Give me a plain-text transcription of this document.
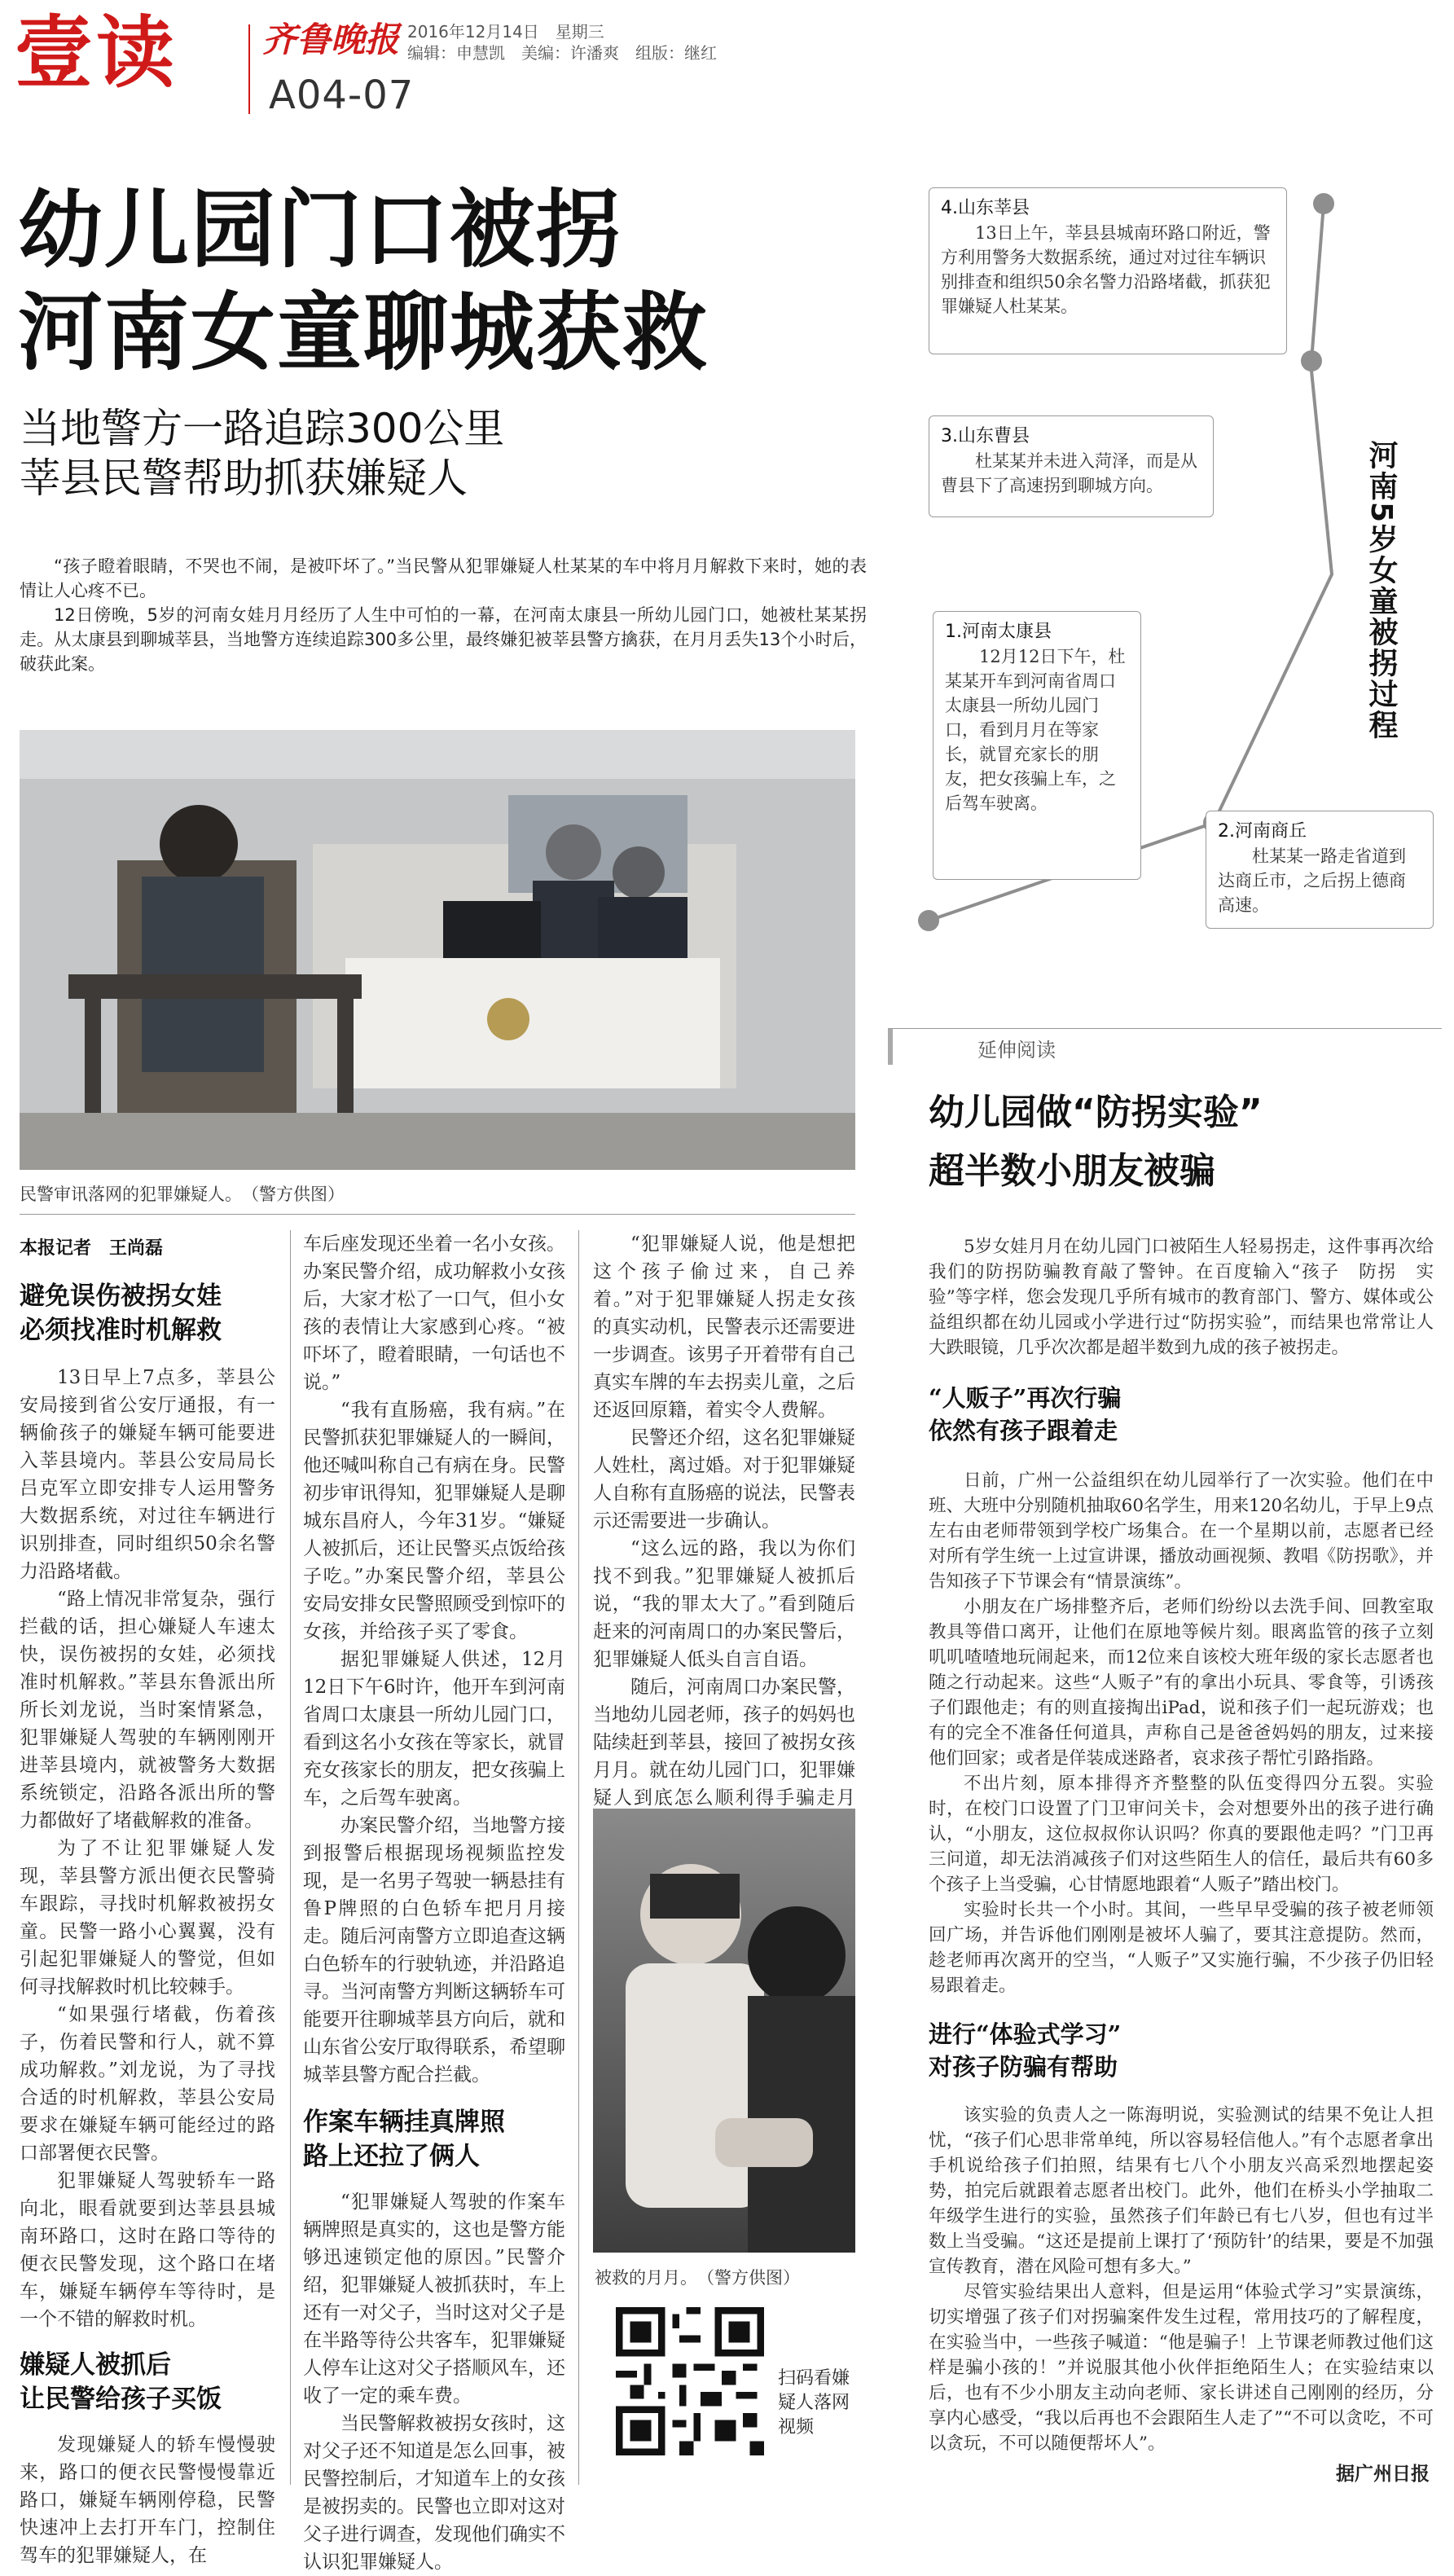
壹读 齐鲁晚报 2016年12月14日　星期三
编辑：申慧凯　美编：许潘爽　组版：继红
A04-07
幼儿园门口被拐
河南女童聊城获救
当地警方一路追踪300公里
莘县民警帮助抓获嫌疑人

“孩子瞪着眼睛，不哭也不闹，是被吓坏了。”当民警从犯罪嫌疑人杜某某的车中将月月解救下来时，她的表情让人心疼不已。

12日傍晚，5岁的河南女娃月月经历了人生中可怕的一幕，在河南太康县一所幼儿园门口，她被杜某某拐走。从太康县到聊城莘县，当地警方连续追踪300多公里，最终嫌犯被莘县警方擒获，在月月丢失13个小时后，破获此案。

民警审讯落网的犯罪嫌疑人。　（警方供图）
本报记者　王尚磊
避免误伤被拐女娃
必须找准时机解救

13日早上7点多，莘县公安局接到省公安厅通报，有一辆偷孩子的嫌疑车辆可能要进入莘县境内。莘县公安局局长吕克军立即安排专人运用警务大数据系统，对过往车辆进行识别排查，同时组织50余名警力沿路堵截。

“路上情况非常复杂，强行拦截的话，担心嫌疑人车速太快，误伤被拐的女娃，必须找准时机解救。”莘县东鲁派出所所长刘龙说，当时案情紧急，犯罪嫌疑人驾驶的车辆刚刚开进莘县境内，就被警务大数据系统锁定，沿路各派出所的警力都做好了堵截解救的准备。

为了不让犯罪嫌疑人发现，莘县警方派出便衣民警骑车跟踪，寻找时机解救被拐女童。民警一路小心翼翼，没有引起犯罪嫌疑人的警觉，但如何寻找解救时机比较棘手。

“如果强行堵截，伤着孩子，伤着民警和行人，就不算成功解救。”刘龙说，为了寻找合适的时机解救，莘县公安局要求在嫌疑车辆可能经过的路口部署便衣民警。

犯罪嫌疑人驾驶轿车一路向北，眼看就要到达莘县县城南环路口，这时在路口等待的便衣民警发现，这个路口在堵车，嫌疑车辆停车等待时，是一个不错的解救时机。

嫌疑人被抓后
让民警给孩子买饭

发现嫌疑人的轿车慢慢驶来，路口的便衣民警慢慢靠近路口，嫌疑车辆刚停稳，民警快速冲上去打开车门，控制住驾车的犯罪嫌疑人，在

车后座发现还坐着一名小女孩。办案民警介绍，成功解救小女孩后，大家才松了一口气，但小女孩的表情让大家感到心疼。“被吓坏了，瞪着眼睛，一句话也不说。”

“我有直肠癌，我有病。”在民警抓获犯罪嫌疑人的一瞬间，他还喊叫称自己有病在身。民警初步审讯得知，犯罪嫌疑人是聊城东昌府人，今年31岁。“嫌疑人被抓后，还让民警买点饭给孩子吃。”办案民警介绍，莘县公安局安排女民警照顾受到惊吓的女孩，并给孩子买了零食。

据犯罪嫌疑人供述，12月12日下午6时许，他开车到河南省周口太康县一所幼儿园门口，看到这名小女孩在等家长，就冒充女孩家长的朋友，把女孩骗上车，之后驾车驶离。

办案民警介绍，当地警方接到报警后根据现场视频监控发现，是一名男子驾驶一辆悬挂有鲁P牌照的白色轿车把月月接走。随后河南警方立即追查这辆白色轿车的行驶轨迹，并沿路追寻。当河南警方判断这辆轿车可能要开往聊城莘县方向后，就和山东省公安厅取得联系，希望聊城莘县警方配合拦截。

作案车辆挂真牌照
路上还拉了俩人

“犯罪嫌疑人驾驶的作案车辆牌照是真实的，这也是警方能够迅速锁定他的原因。”民警介绍，犯罪嫌疑人被抓获时，车上还有一对父子，当时这对父子是在半路等待公共客车，犯罪嫌疑人停车让这对父子搭顺风车，还收了一定的乘车费。

当民警解救被拐女孩时，这对父子还不知道是怎么回事，被民警控制后，才知道车上的女孩是被拐卖的。民警也立即对这对父子进行调查，发现他们确实不认识犯罪嫌疑人。

“犯罪嫌疑人说，他是想把这个孩子偷过来，自己养着。”对于犯罪嫌疑人拐走女孩的真实动机，民警表示还需要进一步调查。该男子开着带有自己真实车牌的车去拐卖儿童，之后还返回原籍，着实令人费解。

民警还介绍，这名犯罪嫌疑人姓杜，离过婚。对于犯罪嫌疑人自称有直肠癌的说法，民警表示还需要进一步确认。

“这么远的路，我以为你们找不到我。”犯罪嫌疑人被抓后说，“我的罪太大了。”看到随后赶来的河南周口的办案民警后，犯罪嫌疑人低头自言自语。

随后，河南周口办案民警，当地幼儿园老师，孩子的妈妈也陆续赶到莘县，接回了被拐女孩月月。就在幼儿园门口，犯罪嫌疑人到底怎么顺利得手骗走月

被救的月月。　（警方供图）
扫码看嫌
疑人落网
视频
4.山东莘县

13日上午，莘县县城南环路口附近，警方利用警务大数据系统，通过对过往车辆识别排查和组织50余名警力沿路堵截，抓获犯罪嫌疑人杜某某。

3.山东曹县

杜某某并未进入菏泽，而是从曹县下了高速拐到聊城方向。

1.河南太康县

12月12日下午，杜某某开车到河南省周口太康县一所幼儿园门口，看到月月在等家长，就冒充家长的朋友，把女孩骗上车，之后驾车驶离。

2.河南商丘

杜某某一路走省道到达商丘市，之后拐上德商高速。

河南5岁女童被拐过程
延伸阅读
幼儿园做“防拐实验”
超半数小朋友被骗

5岁女娃月月在幼儿园门口被陌生人轻易拐走，这件事再次给我们的防拐防骗教育敲了警钟。在百度输入“孩子　防拐　实验”等字样，您会发现几乎所有城市的教育部门、警方、媒体或公益组织都在幼儿园或小学进行过“防拐实验”，而结果也常常让人大跌眼镜，几乎次次都是超半数到九成的孩子被拐走。

“人贩子”再次行骗
依然有孩子跟着走

日前，广州一公益组织在幼儿园举行了一次实验。他们在中班、大班中分别随机抽取60名学生，用来120名幼儿，于早上9点左右由老师带领到学校广场集合。在一个星期以前，志愿者已经对所有学生统一上过宣讲课，播放动画视频、教唱《防拐歌》，并告知孩子下节课会有“情景演练”。

小朋友在广场排整齐后，老师们纷纷以去洗手间、回教室取教具等借口离开，让他们在原地等候片刻。眼离监管的孩子立刻叽叽喳喳地玩闹起来，而12位来自该校大班年级的家长志愿者也随之行动起来。这些“人贩子”有的拿出小玩具、零食等，引诱孩子们跟他走；有的则直接掏出iPad，说和孩子们一起玩游戏；也有的完全不准备任何道具，声称自己是爸爸妈妈的朋友，过来接他们回家；或者是佯装成迷路者，哀求孩子帮忙引路指路。

不出片刻，原本排得齐齐整整的队伍变得四分五裂。实验时，在校门口设置了门卫审问关卡，会对想要外出的孩子进行确认，“小朋友，这位叔叔你认识吗？你真的要跟他走吗？”门卫再三问道，却无法消减孩子们对这些陌生人的信任，最后共有60多个孩子上当受骗，心甘情愿地跟着“人贩子”踏出校门。

实验时长共一个小时。其间，一些早早受骗的孩子被老师领回广场，并告诉他们刚刚是被坏人骗了，要其注意提防。然而，趁老师再次离开的空当，“人贩子”又实施行骗，不少孩子仍旧轻易跟着走。

进行“体验式学习”
对孩子防骗有帮助

该实验的负责人之一陈海明说，实验测试的结果不免让人担忧，“孩子们心思非常单纯，所以容易轻信他人。”有个志愿者拿出手机说给孩子们拍照，结果有七八个小朋友兴高采烈地摆起姿势，拍完后就跟着志愿者出校门。此外，他们在桥头小学抽取二年级学生进行的实验，虽然孩子们年龄已有七八岁，但也有过半数上当受骗。“这还是提前上课打了‘预防针’的结果，要是不加强宣传教育，潜在风险可想有多大。”

尽管实验结果出人意料，但是运用“体验式学习”实景演练，切实增强了孩子们对拐骗案件发生过程，常用技巧的了解程度，在实验当中，一些孩子喊道：“他是骗子！上节课老师教过他们这样是骗小孩的！”并说服其他小伙伴拒绝陌生人；在实验结束以后，也有不少小朋友主动向老师、家长讲述自己刚刚的经历，分享内心感受，“我以后再也不会跟陌生人走了”“不可以贪吃，不可以贪玩，不可以随便帮坏人”。

据广州日报
